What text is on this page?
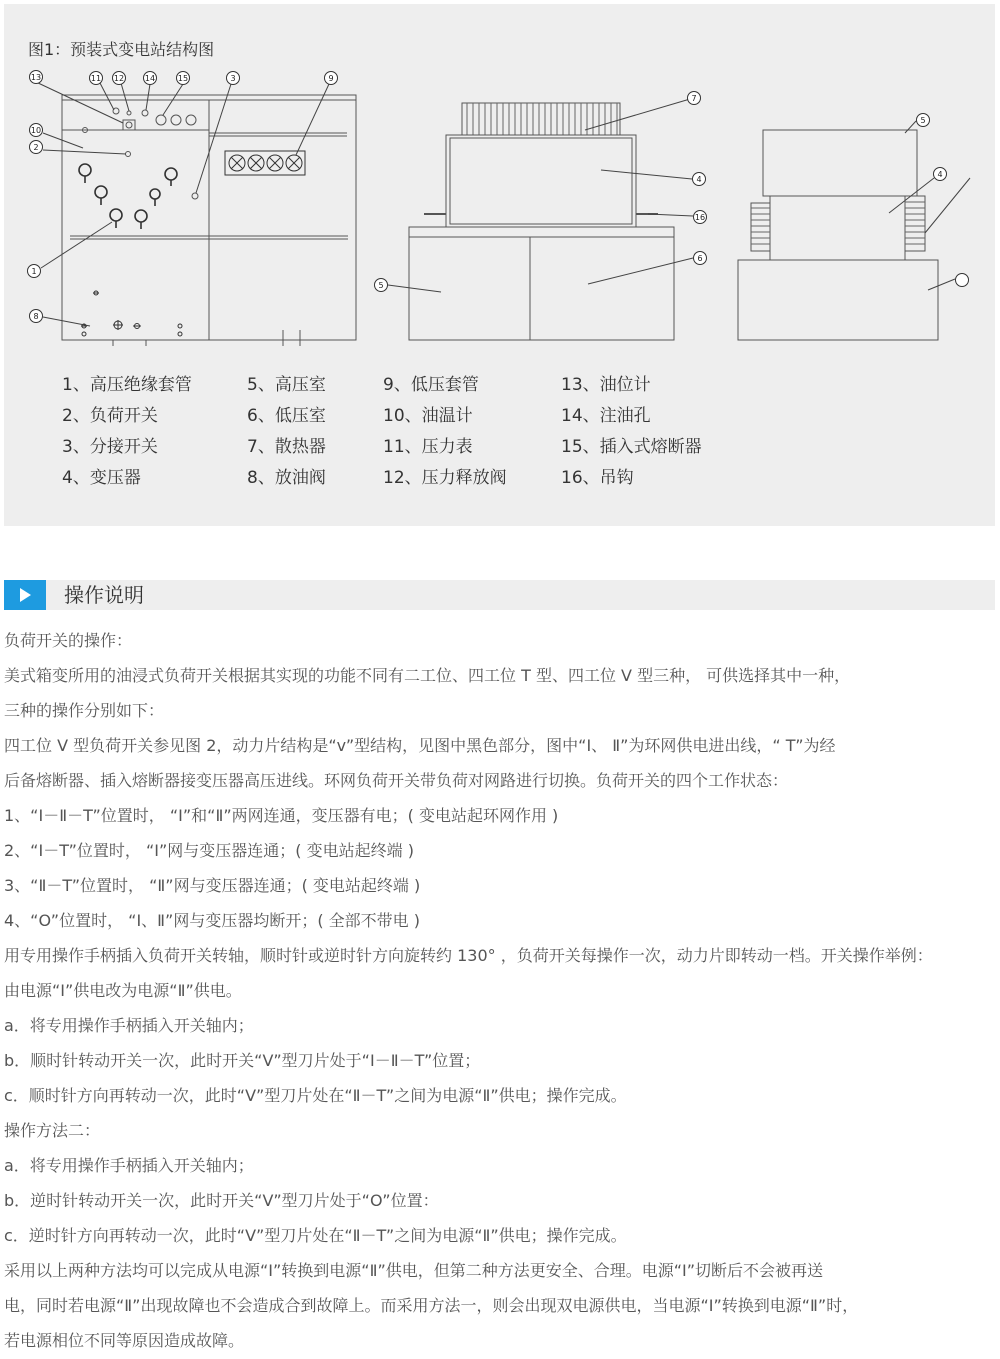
13	11 12	14	15	3	9
10
2
1
8
7
4
16
6
5
5
4
图1：预装式变电站结构图
1、高压绝缘套管
2、负荷开关
3、分接开关
4、变压器
5、高压室
6、低压室
7、散热器
8、放油阀
9、低压套管
10、油温计
11、压力表
12、压力释放阀
13、油位计
14、注油孔
15、插入式熔断器
16、吊钩
操作说明
负荷开关的操作：
美式箱变所用的油浸式负荷开关根据其实现的功能不同有二工位、四工位 T 型、四工位 V 型三种， 可供选择其中一种，
三种的操作分别如下：
四工位 V 型负荷开关参见图 2，动力片结构是“v”型结构，见图中黑色部分，图中“Ⅰ、 Ⅱ”为环网供电进出线，“ T”为经
后备熔断器、插入熔断器接变压器高压进线。环网负荷开关带负荷对网路进行切换。负荷开关的四个工作状态：
1、“Ⅰ－Ⅱ－T”位置时， “Ⅰ”和“Ⅱ”两网连通，变压器有电；( 变电站起环网作用 )
2、“Ⅰ－T”位置时， “Ⅰ”网与变压器连通；( 变电站起终端 )
3、“Ⅱ－T”位置时， “Ⅱ”网与变压器连通；( 变电站起终端 )
4、“O”位置时， “Ⅰ、Ⅱ”网与变压器均断开；( 全部不带电 )
用专用操作手柄插入负荷开关转轴，顺时针或逆时针方向旋转约 130° ，负荷开关每操作一次，动力片即转动一档。开关操作举例：
由电源“Ⅰ”供电改为电源“Ⅱ”供电。
a．将专用操作手柄插入开关轴内；
b．顺时针转动开关一次，此时开关“V”型刀片处于“Ⅰ－Ⅱ－T”位置；
c．顺时针方向再转动一次，此时“V”型刀片处在“Ⅱ－T”之间为电源“Ⅱ”供电；操作完成。
操作方法二：
a．将专用操作手柄插入开关轴内；
b．逆时针转动开关一次，此时开关“V”型刀片处于“O”位置：
c．逆时针方向再转动一次，此时“V”型刀片处在“Ⅱ－T”之间为电源“Ⅱ”供电；操作完成。
采用以上两种方法均可以完成从电源“Ⅰ”转换到电源“Ⅱ”供电，但第二种方法更安全、合理。电源“Ⅰ”切断后不会被再送
电，同时若电源“Ⅱ”出现故障也不会造成合到故障上。而采用方法一，则会出现双电源供电，当电源“Ⅰ”转换到电源“Ⅱ”时，
若电源相位不同等原因造成故障。
